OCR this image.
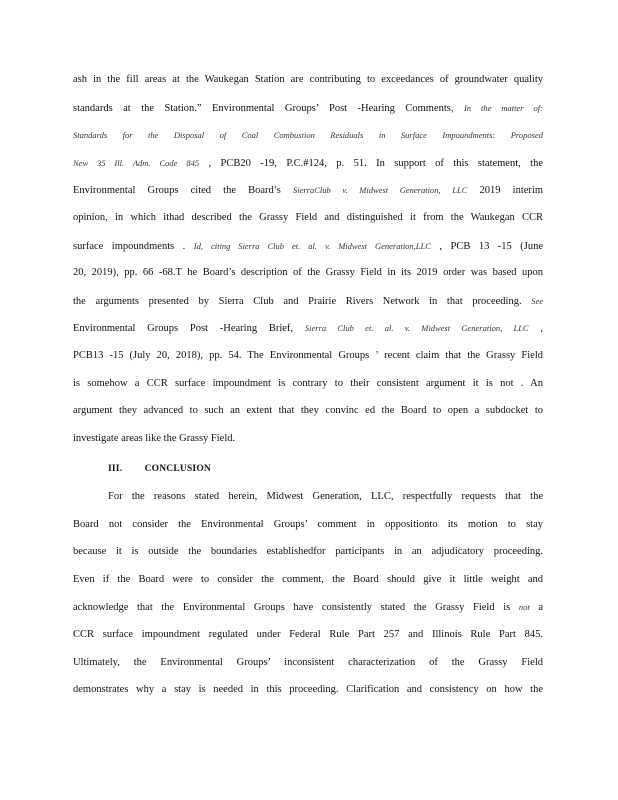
ash in the fill areas at the Waukegan Station are contributing to exceedances of groundwater quality
standards at the Station.” Environmental Groups’ Post -Hearing Comments, In the matter of:
Standards for the Disposal of Coal Combustion Residuals in Surface Impoundments: Proposed
New 35 Ill. Adm. Code 845 , PCB20 -19, P.C.#124, p. 51. In support of this statement, the
Environmental Groups cited the Board’s SierraClub v. Midwest Generation, LLC 2019 interim
opinion, in which ithad described the Grassy Field and distinguished it from the Waukegan CCR
surface impoundments . Id, citing Sierra Club et. al. v. Midwest Generation,LLC , PCB 13 -15 (June
20, 2019), pp. 66 -68.T he Board’s description of the Grassy Field in its 2019 order was based upon
the arguments presented by Sierra Club and Prairie Rivers Network in that proceeding. See
Environmental Groups Post -Hearing Brief, Sierra Club et. al. v. Midwest Generation, LLC ,
PCB13 -15 (July 20, 2018), pp. 54. The Environmental Groups ’ recent claim that the Grassy Field
is somehow a CCR surface impoundment is contrary to their consistent argument it is not . An
argument they advanced to such an extent that they convinc ed the Board to open a subdocket to
investigate areas like the Grassy Field.
III. CONCLUSION
For the reasons stated herein, Midwest Generation, LLC, respectfully requests that the
Board not consider the Environmental Groups’ comment in oppositionto its motion to stay
because it is outside the boundaries establishedfor participants in an adjudicatory proceeding.
Even if the Board were to consider the comment, the Board should give it little weight and
acknowledge that the Environmental Groups have consistently stated the Grassy Field is not a
CCR surface impoundment regulated under Federal Rule Part 257 and Illinois Rule Part 845.
Ultimately, the Environmental Groups’ inconsistent characterization of the Grassy Field
demonstrates why a stay is needed in this proceeding. Clarification and consistency on how the
